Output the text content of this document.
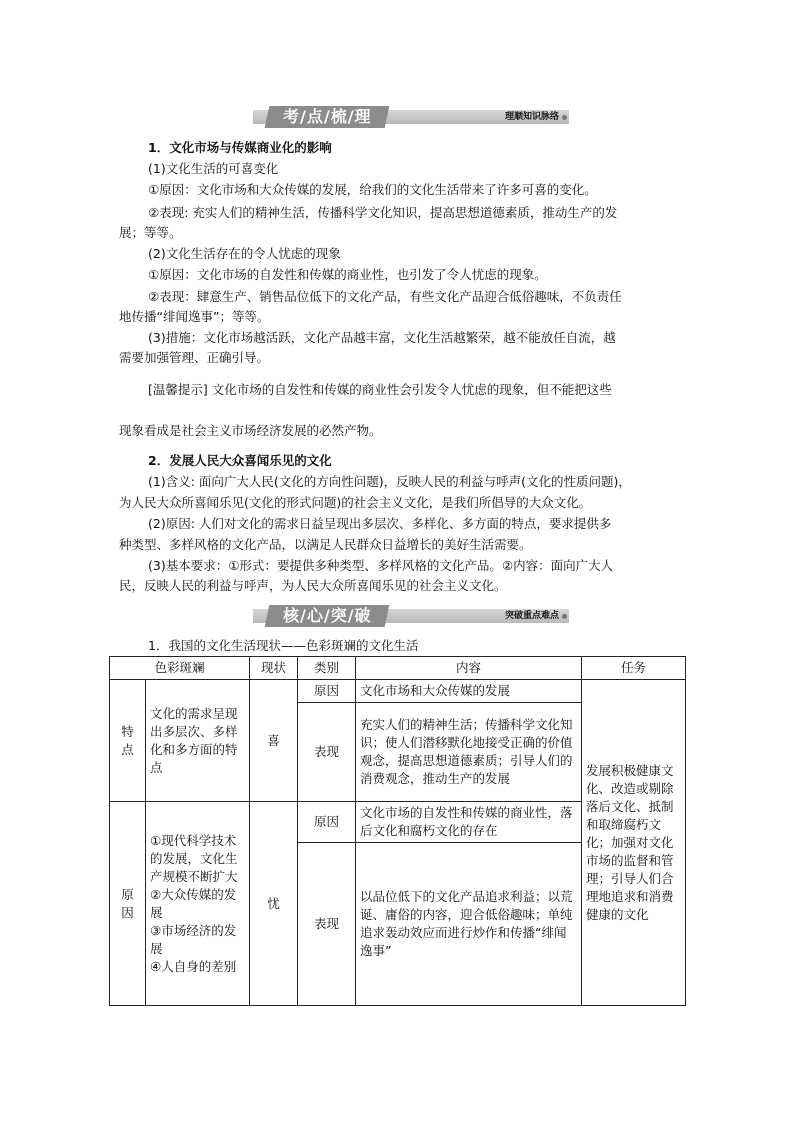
考/点/梳/理	理顺知识脉络
1．文化市场与传媒商业化的影响
(1)文化生活的可喜变化
①原因：文化市场和大众传媒的发展，给我们的文化生活带来了许多可喜的变化。
②表现: 充实人们的精神生活，传播科学文化知识，提高思想道德素质，推动生产的发
展；等等。
(2)文化生活存在的令人忧虑的现象
①原因：文化市场的自发性和传媒的商业性，也引发了令人忧虑的现象。
②表现：肆意生产、销售品位低下的文化产品，有些文化产品迎合低俗趣味，不负责任
地传播“绯闻逸事”；等等。
(3)措施：文化市场越活跃，文化产品越丰富，文化生活越繁荣，越不能放任自流，越
需要加强管理、正确引导。
[温馨提示] 文化市场的自发性和传媒的商业性会引发令人忧虑的现象，但不能把这些
现象看成是社会主义市场经济发展的必然产物。
2．发展人民大众喜闻乐见的文化
(1)含义: 面向广大人民(文化的方向性问题)，反映人民的利益与呼声(文化的性质问题)，
为人民大众所喜闻乐见(文化的形式问题)的社会主义文化，是我们所倡导的大众文化。
(2)原因: 人们对文化的需求日益呈现出多层次、多样化、多方面的特点，要求提供多
种类型、多样风格的文化产品，以满足人民群众日益增长的美好生活需要。
(3)基本要求：①形式：要提供多种类型、多样风格的文化产品。②内容：面向广大人
民，反映人民的利益与呼声，为人民大众所喜闻乐见的社会主义文化。
核/心/突/破	突破重点难点
1．我国的文化生活现状——色彩斑斓的文化生活
色彩斑斓		现状	类别	内容	任务
特点	文化的需求呈现出多层次、多样化和多方面的特点	喜	原因	文化市场和大众传媒的发展	发展积极健康文化、改造或剔除落后文化、抵制和取缔腐朽文化；加强对文化市场的监督和管理；引导人们合理地追求和消费健康的文化
			表现	充实人们的精神生活；传播科学文化知识；使人们潜移默化地接受正确的价值观念，提高思想道德素质；引导人们的消费观念，推动生产的发展	
原因	①现代科学技术的发展，文化生产规模不断扩大
②大众传媒的发展
③市场经济的发展
④人自身的差别	忧	原因	文化市场的自发性和传媒的商业性，落后文化和腐朽文化的存在	
			表现	以品位低下的文化产品追求利益；以荒诞、庸俗的内容，迎合低俗趣味；单纯追求轰动效应而进行炒作和传播“绯闻逸事”	
